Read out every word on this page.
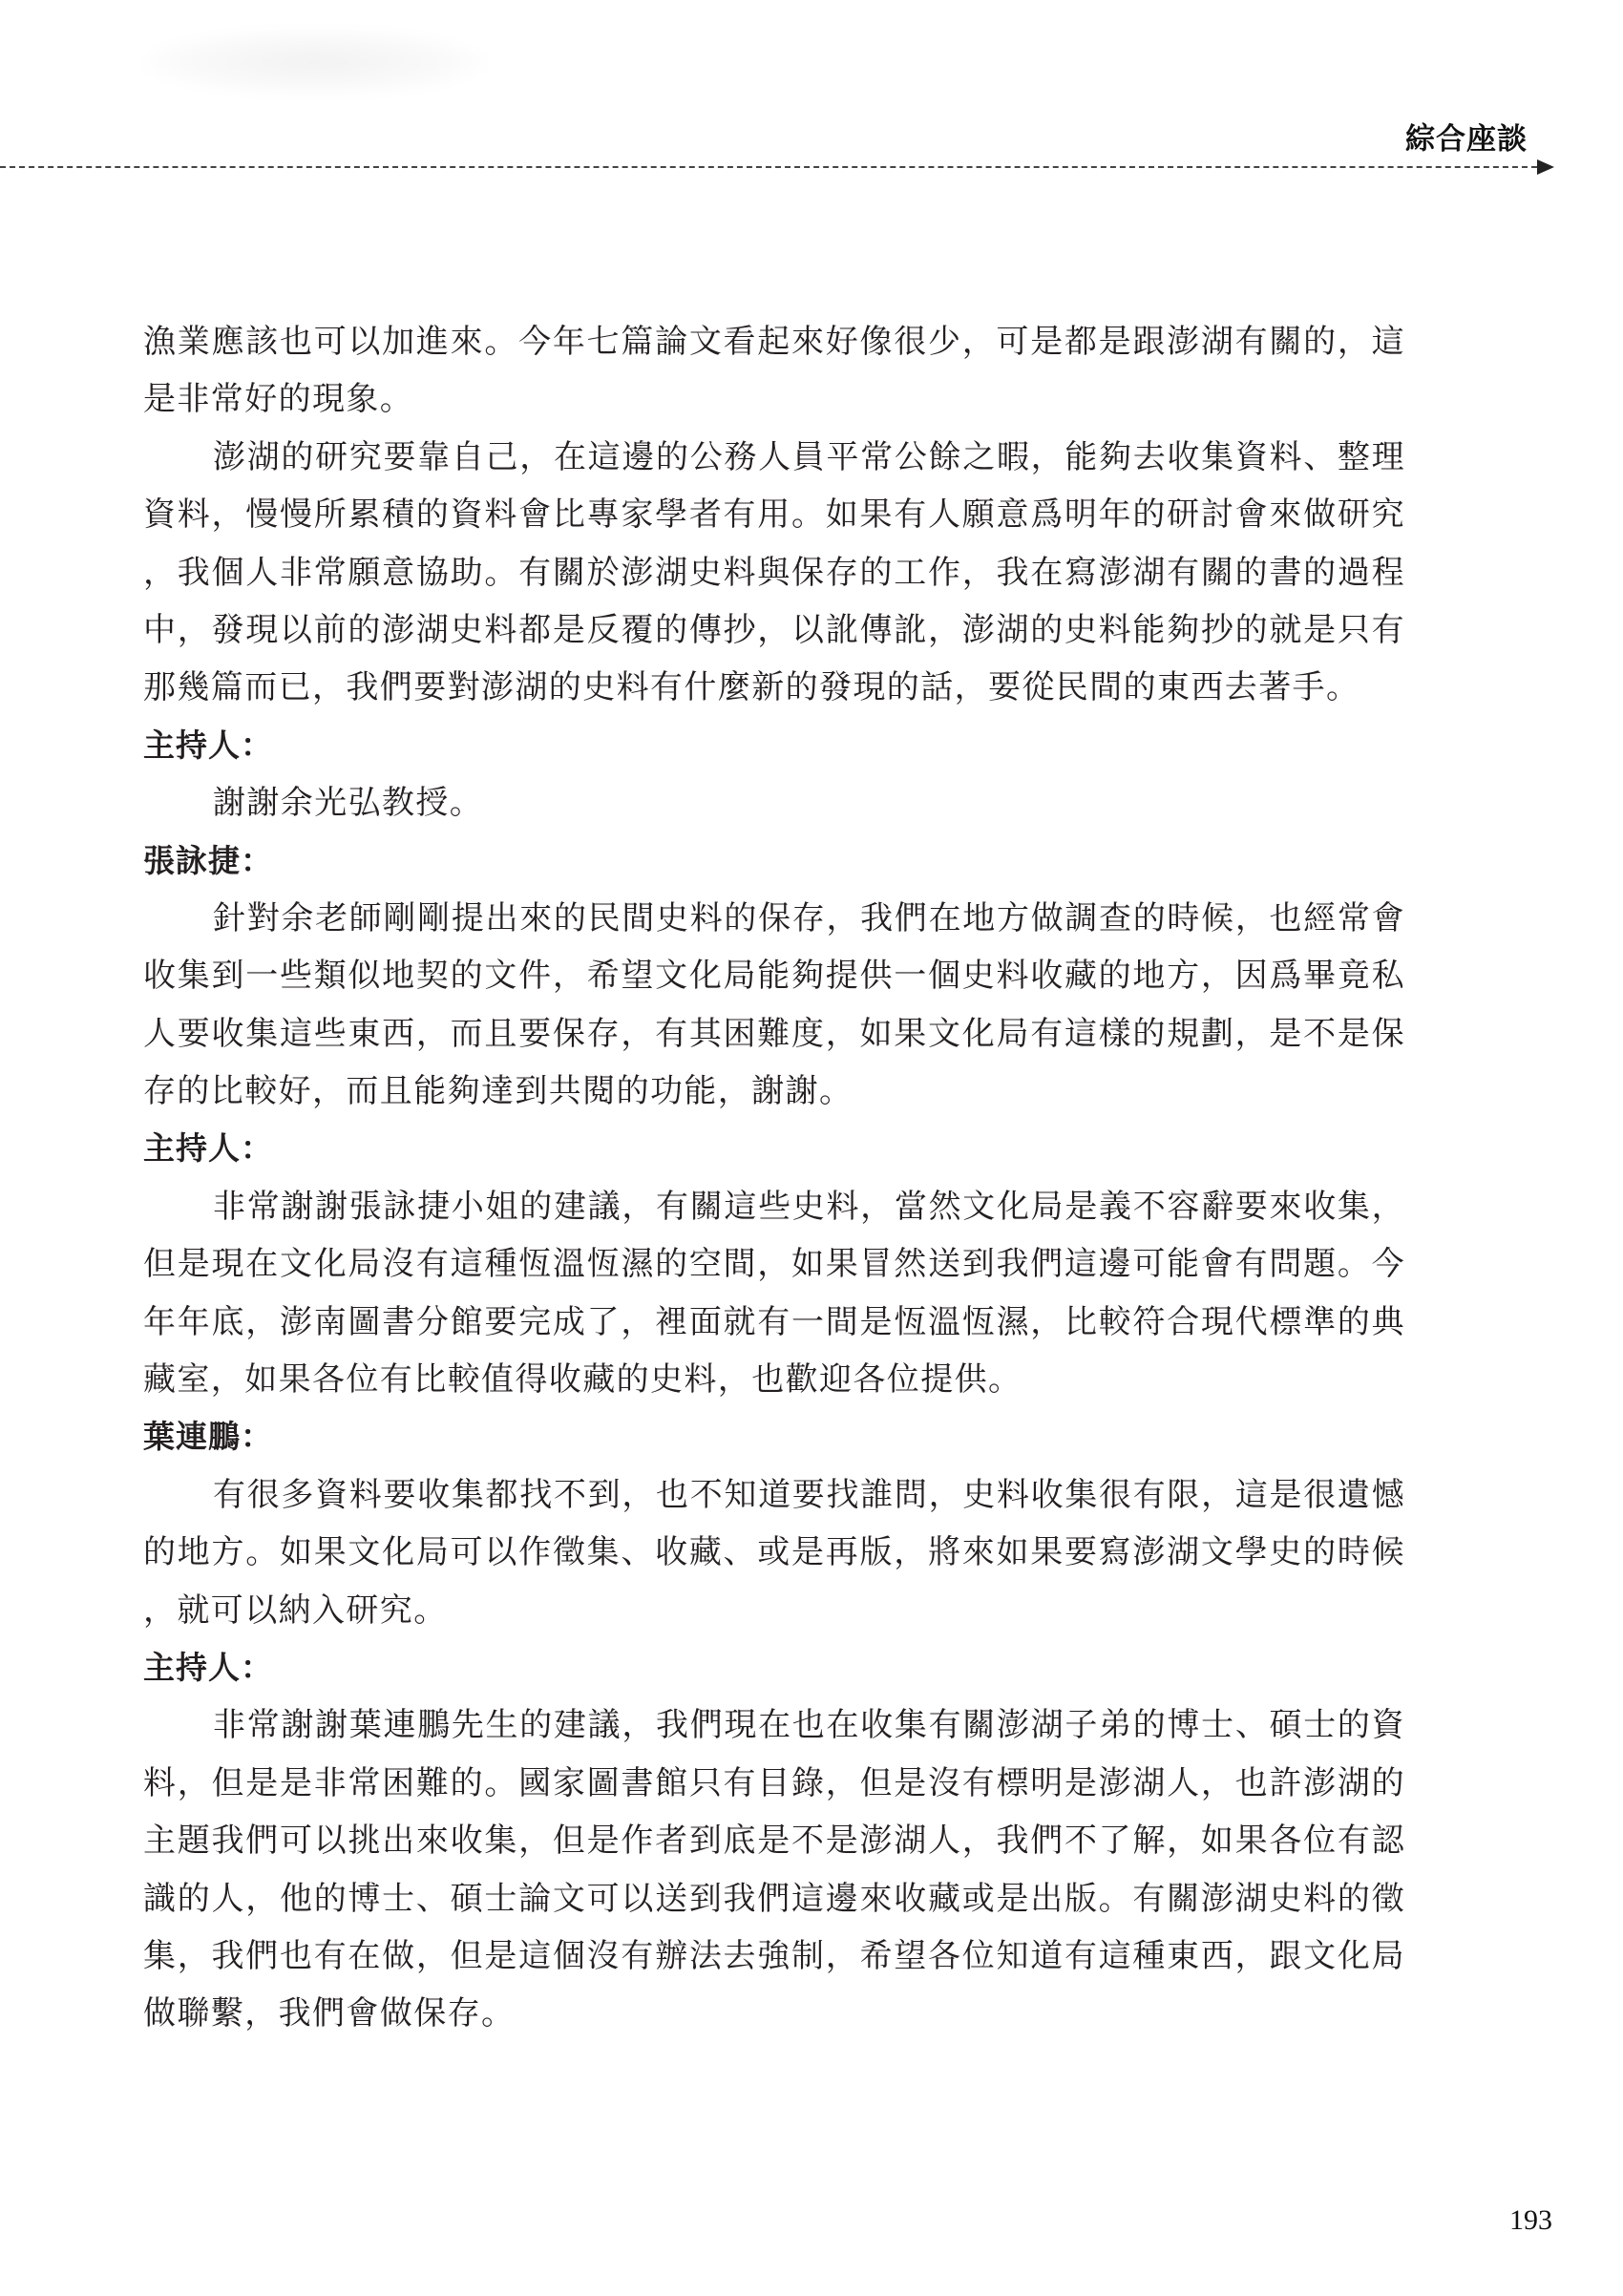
綜合座談
漁業應該也可以加進來。今年七篇論文看起來好像很少，可是都是跟澎湖有關的，這
是非常好的現象。
澎湖的研究要靠自己，在這邊的公務人員平常公餘之暇，能夠去收集資料、整理
資料，慢慢所累積的資料會比專家學者有用。如果有人願意爲明年的研討會來做研究
，我個人非常願意協助。有關於澎湖史料與保存的工作，我在寫澎湖有關的書的過程
中，發現以前的澎湖史料都是反覆的傳抄，以訛傳訛，澎湖的史料能夠抄的就是只有
那幾篇而已，我們要對澎湖的史料有什麼新的發現的話，要從民間的東西去著手。
主持人：
謝謝余光弘教授。
張詠捷：
針對余老師剛剛提出來的民間史料的保存，我們在地方做調查的時候，也經常會
收集到一些類似地契的文件，希望文化局能夠提供一個史料收藏的地方，因爲畢竟私
人要收集這些東西，而且要保存，有其困難度，如果文化局有這樣的規劃，是不是保
存的比較好，而且能夠達到共閱的功能，謝謝。
主持人：
非常謝謝張詠捷小姐的建議，有關這些史料，當然文化局是義不容辭要來收集，
但是現在文化局沒有這種恆溫恆濕的空間，如果冒然送到我們這邊可能會有問題。今
年年底，澎南圖書分館要完成了，裡面就有一間是恆溫恆濕，比較符合現代標準的典
藏室，如果各位有比較值得收藏的史料，也歡迎各位提供。
葉連鵬：
有很多資料要收集都找不到，也不知道要找誰問，史料收集很有限，這是很遺憾
的地方。如果文化局可以作徵集、收藏、或是再版，將來如果要寫澎湖文學史的時候
，就可以納入研究。
主持人：
非常謝謝葉連鵬先生的建議，我們現在也在收集有關澎湖子弟的博士、碩士的資
料，但是是非常困難的。國家圖書館只有目錄，但是沒有標明是澎湖人，也許澎湖的
主題我們可以挑出來收集，但是作者到底是不是澎湖人，我們不了解，如果各位有認
識的人，他的博士、碩士論文可以送到我們這邊來收藏或是出版。有關澎湖史料的徵
集，我們也有在做，但是這個沒有辦法去強制，希望各位知道有這種東西，跟文化局
做聯繫，我們會做保存。
193
